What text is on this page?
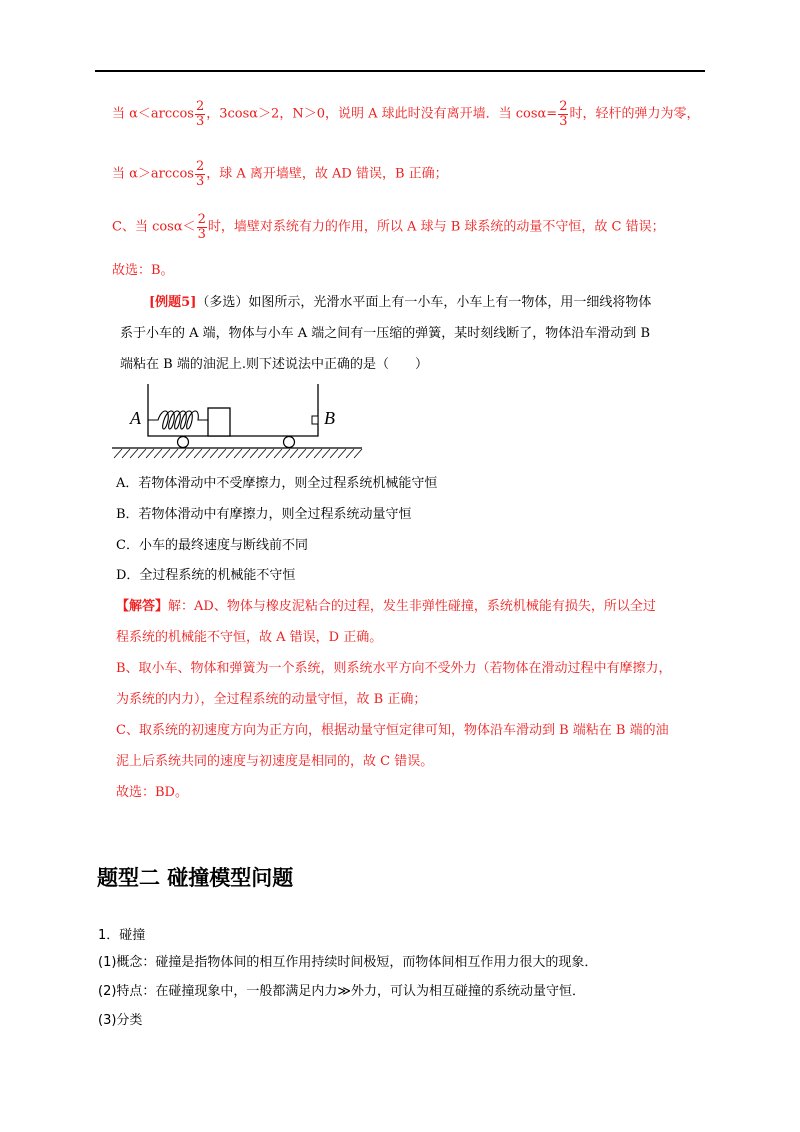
当 $\alpha<\arccos \frac{2}{3}$ ，3cosα＞2，N＞0，说明 A 球此时没有离开墙．当 $\cos\alpha= \frac{2}{3}$ 时，轻杆的弹力为零，
当 $\alpha>\arccos \frac{2}{3}$ ，球 A 离开墙壁，故 AD 错误，B 正确；
C、当 $\cos\alpha< \frac{2}{3}$ 时，墙壁对系统有力的作用，所以 A 球与 B 球系统的动量不守恒，故 C 错误；
故选：B。
[例题5]（多选）如图所示，光滑水平面上有一小车，小车上有一物体，用一细线将物体
系于小车的 A 端，物体与小车 A 端之间有一压缩的弹簧，某时刻线断了，物体沿车滑动到 B
端粘在 B 端的油泥上.则下述说法中正确的是（　　）
A	B
A．若物体滑动中不受摩擦力，则全过程系统机械能守恒
B．若物体滑动中有摩擦力，则全过程系统动量守恒
C．小车的最终速度与断线前不同
D．全过程系统的机械能不守恒
【解答】解：AD、物体与橡皮泥粘合的过程，发生非弹性碰撞，系统机械能有损失，所以全过
程系统的机械能不守恒，故 A 错误，D 正确。
B、取小车、物体和弹簧为一个系统，则系统水平方向不受外力（若物体在滑动过程中有摩擦力，
为系统的内力），全过程系统的动量守恒，故 B 正确；
C、取系统的初速度方向为正方向，根据动量守恒定律可知，物体沿车滑动到 B 端粘在 B 端的油
泥上后系统共同的速度与初速度是相同的，故 C 错误。
故选：BD。
题型二 碰撞模型问题
1．碰撞
(1)概念：碰撞是指物体间的相互作用持续时间极短，而物体间相互作用力很大的现象．
(2)特点：在碰撞现象中，一般都满足内力≫外力，可认为相互碰撞的系统动量守恒．
(3)分类
